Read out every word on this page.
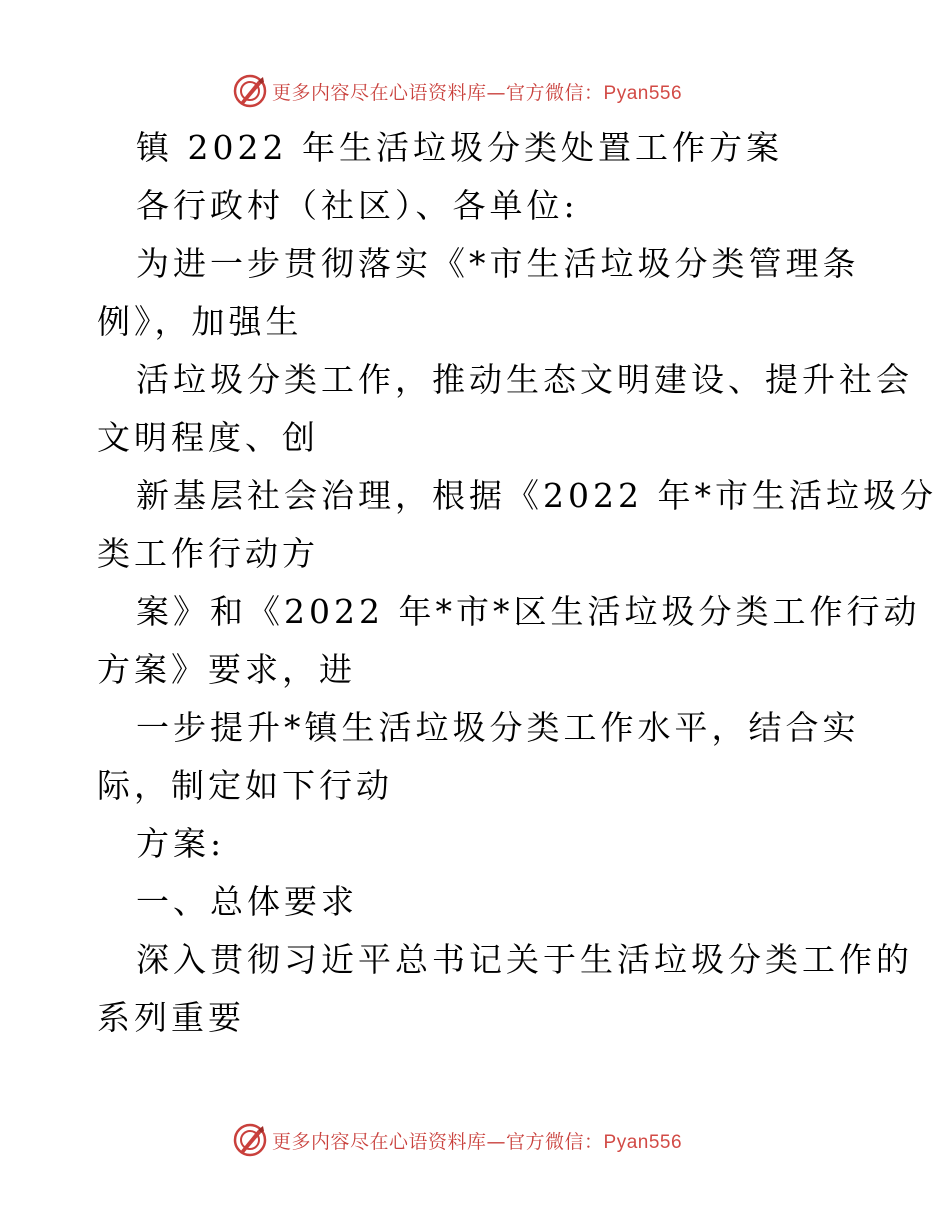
更多内容尽在心语资料库—官方微信：Pyan556
镇 2022 年生活垃圾分类处置工作方案
各行政村（社区）、各单位:
为进一步贯彻落实《*市生活垃圾分类管理条
例》，加强生
活垃圾分类工作，推动生态文明建设、提升社会
文明程度、创
新基层社会治理，根据《2022 年*市生活垃圾分
类工作行动方
案》和《2022 年*市*区生活垃圾分类工作行动
方案》要求，进
一步提升*镇生活垃圾分类工作水平，结合实
际，制定如下行动
方案:
一、总体要求
深入贯彻习近平总书记关于生活垃圾分类工作的
系列重要
更多内容尽在心语资料库—官方微信：Pyan556
